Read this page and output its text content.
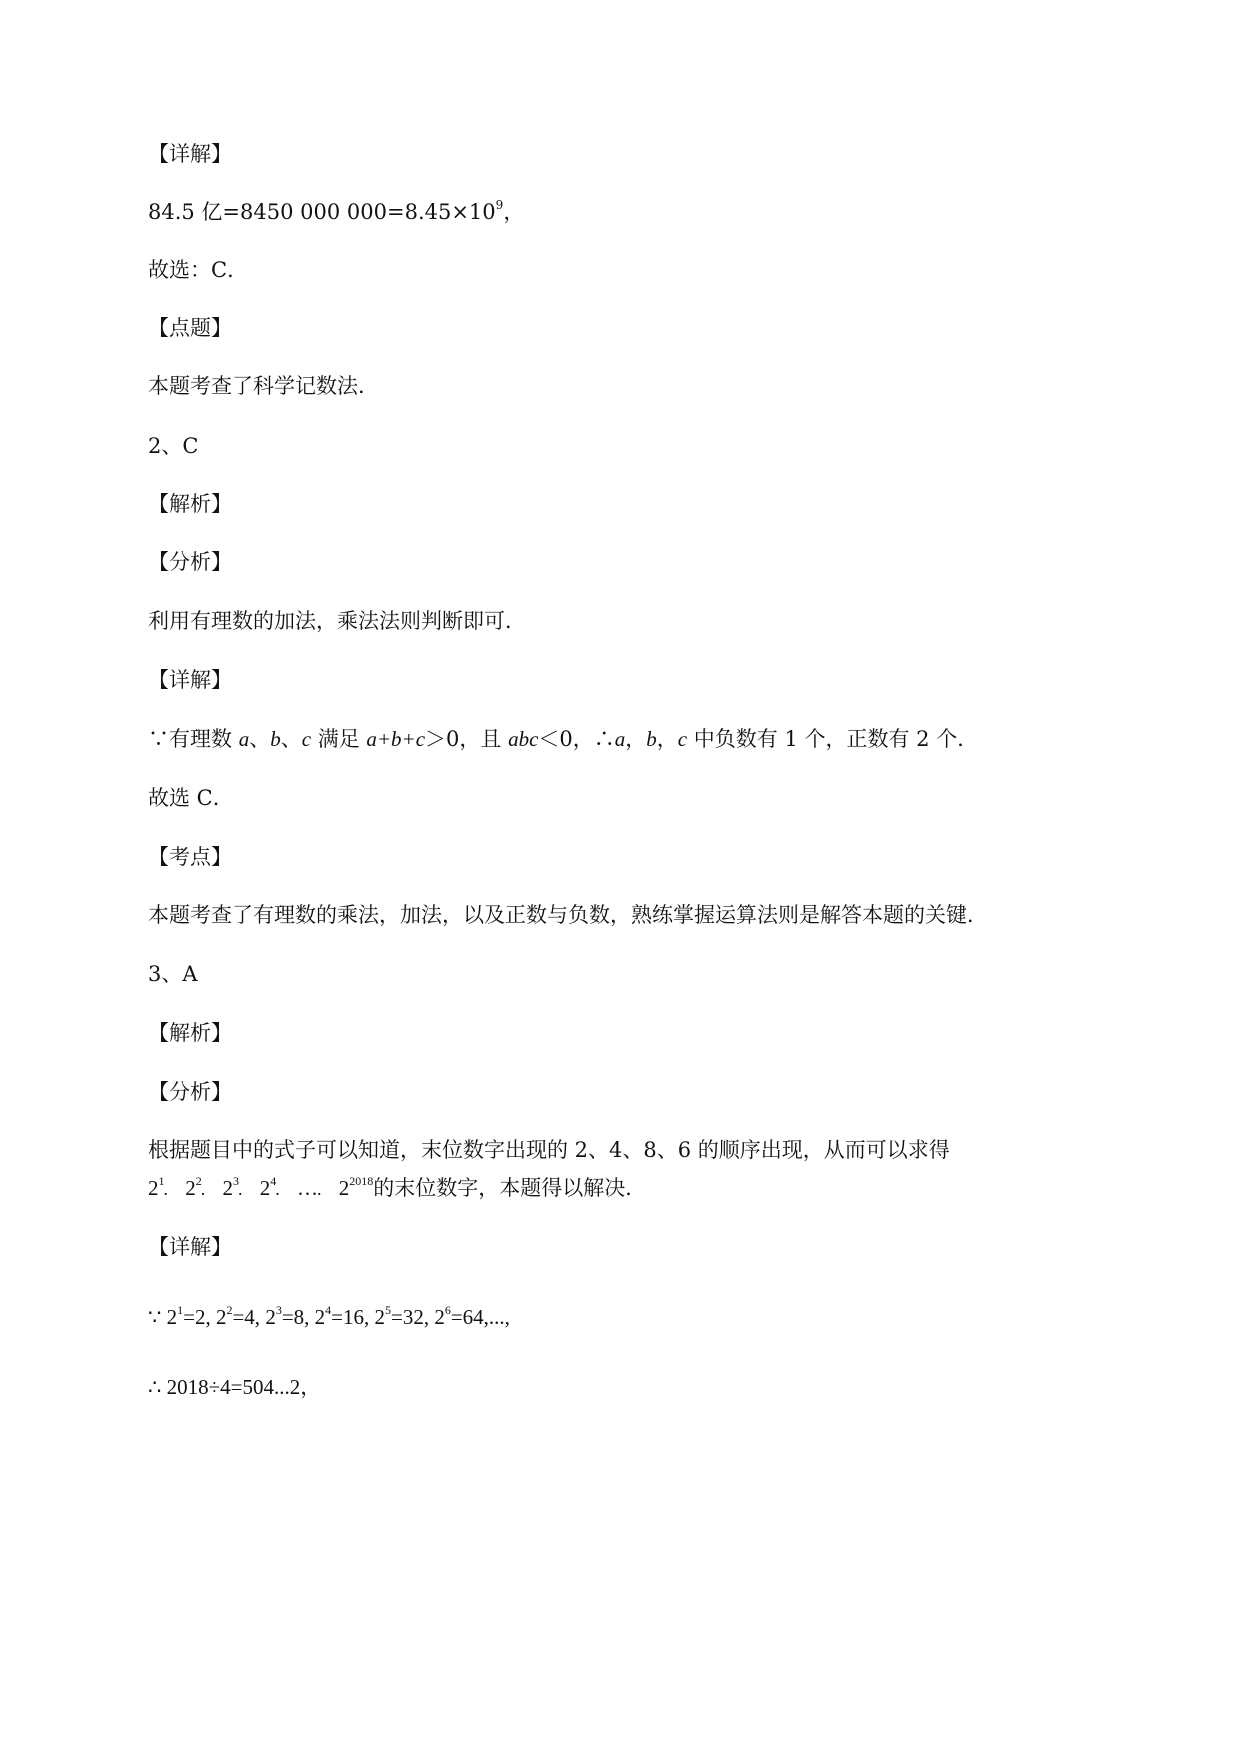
【详解】
84.5 亿=8450 000 $000=8.45\times 10^9$，
故选：C．
【点题】
本题考查了科学记数法．
2、C
【解析】
【分析】
利用有理数的加法，乘法法则判断即可．
【详解】
∵有理数 a、b、c 满足 a+b+c＞0，且 abc＜0，∴a，b，c 中负数有 1 个，正数有 2 个．
故选 C．
【考点】
本题考查了有理数的乘法，加法，以及正数与负数，熟练掌握运算法则是解答本题的关键．
3、A
【解析】
【分析】
根据题目中的式子可以知道，末位数字出现的 2、4、8、6 的顺序出现，从而可以求得
$2^1$. $2^2$. $2^3$. $2^4$. …. $2^{2018}$的末位数字，本题得以解决．
【详解】
∵ $2^1=2$, $2^2=4$, $2^3=8$, $2^4=16$, $2^5=32$, $2^6=64$,...,
∴ 2018÷4=504...2，
